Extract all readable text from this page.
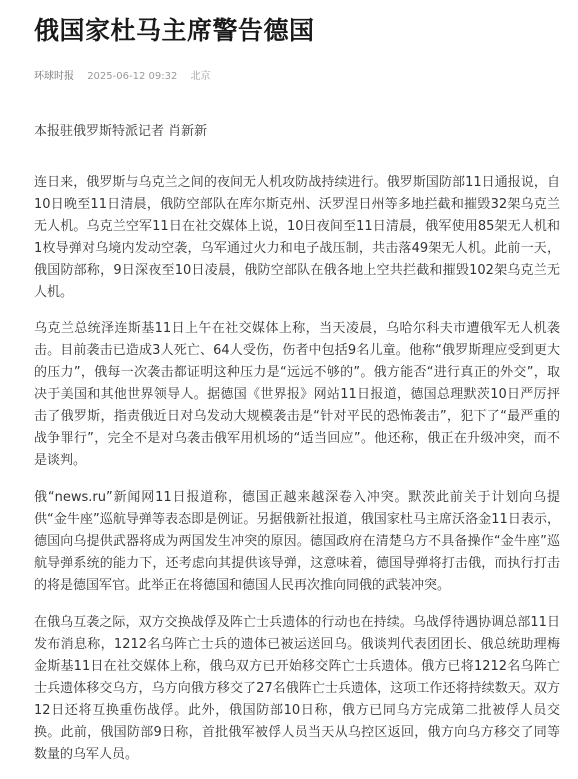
俄国家杜马主席警告德国
环球时报 2025-06-12 09:32 北京
本报驻俄罗斯特派记者 肖新新

连日来，俄罗斯与乌克兰之间的夜间无人机攻防战持续进行。俄罗斯国防部11日通报说，自10日晚至11日清晨，俄防空部队在库尔斯克州、沃罗涅日州等多地拦截和摧毁32架乌克兰无人机。乌克兰空军11日在社交媒体上说，10日夜间至11日清晨，俄军使用85架无人机和1枚导弹对乌境内发动空袭，乌军通过火力和电子战压制，共击落49架无人机。此前一天，俄国防部称，9日深夜至10日凌晨，俄防空部队在俄各地上空共拦截和摧毁102架乌克兰无人机。

乌克兰总统泽连斯基11日上午在社交媒体上称，当天凌晨，乌哈尔科夫市遭俄军无人机袭击。目前袭击已造成3人死亡、64人受伤，伤者中包括9名儿童。他称“俄罗斯理应受到更大的压力”，俄每一次袭击都证明这种压力是“远远不够的”。俄方能否“进行真正的外交”，取决于美国和其他世界领导人。据德国《世界报》网站11日报道，德国总理默茨10日严厉抨击了俄罗斯，指责俄近日对乌发动大规模袭击是“针对平民的恐怖袭击”，犯下了“最严重的战争罪行”，完全不是对乌袭击俄军用机场的“适当回应”。他还称，俄正在升级冲突，而不是谈判。

俄“news.ru”新闻网11日报道称，德国正越来越深卷入冲突。默茨此前关于计划向乌提供“金牛座”巡航导弹等表态即是例证。另据俄新社报道，俄国家杜马主席沃洛金11日表示，德国向乌提供武器将成为两国发生冲突的原因。德国政府在清楚乌方不具备操作“金牛座”巡航导弹系统的能力下，还考虑向其提供该导弹，这意味着，德国导弹将打击俄，而执行打击的将是德国军官。此举正在将德国和德国人民再次推向同俄的武装冲突。

在俄乌互袭之际，双方交换战俘及阵亡士兵遗体的行动也在持续。乌战俘待遇协调总部11日发布消息称，1212名乌阵亡士兵的遗体已被运送回乌。俄谈判代表团团长、俄总统助理梅金斯基11日在社交媒体上称，俄乌双方已开始移交阵亡士兵遗体。俄方已将1212名乌阵亡士兵遗体移交乌方，乌方向俄方移交了27名俄阵亡士兵遗体，这项工作还将持续数天。双方12日还将互换重伤战俘。此外，俄国防部10日称，俄方已同乌方完成第二批被俘人员交换。此前，俄国防部9日称，首批俄军被俘人员当天从乌控区返回，俄方向乌方移交了同等数量的乌军人员。
